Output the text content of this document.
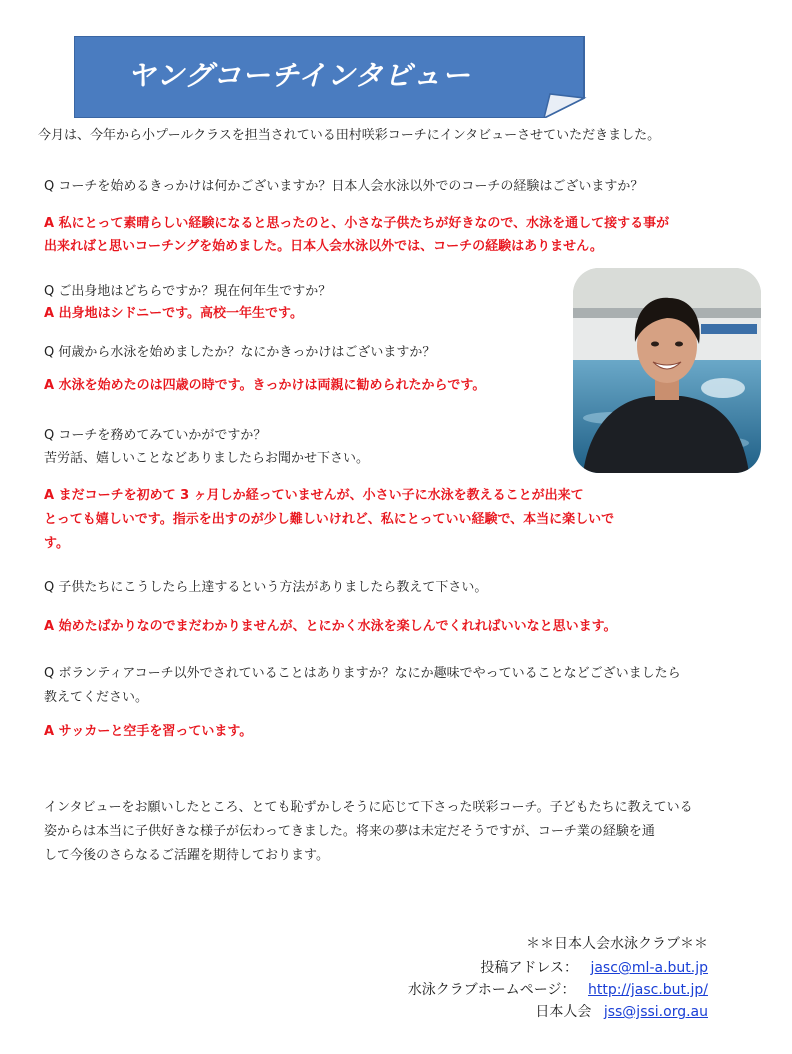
ヤングコーチインタビュー
今月は、今年から小プールクラスを担当されている田村咲彩コーチにインタビューさせていただきました。
Q コーチを始めるきっかけは何かございますか？日本人会水泳以外でのコーチの経験はございますか？
A 私にとって素晴らしい経験になると思ったのと、小さな子供たちが好きなので、水泳を通して接する事が
出来ればと思いコーチングを始めました。日本人会水泳以外では、コーチの経験はありません。
Q ご出身地はどちらですか？現在何年生ですか？
A 出身地はシドニーです。高校一年生です。
Q 何歳から水泳を始めましたか？なにかきっかけはございますか？
A 水泳を始めたのは四歳の時です。きっかけは両親に勧められたからです。
Q コーチを務めてみていかがですか？
苦労話、嬉しいことなどありましたらお聞かせ下さい。
A まだコーチを初めて 3 ヶ月しか経っていませんが、小さい子に水泳を教えることが出来て
とっても嬉しいです。指示を出すのが少し難しいけれど、私にとっていい経験で、本当に楽しいで
す。
Q 子供たちにこうしたら上達するという方法がありましたら教えて下さい。
A 始めたばかりなのでまだわかりませんが、とにかく水泳を楽しんでくれればいいなと思います。
Q ボランティアコーチ以外でされていることはありますか？なにか趣味でやっていることなどございましたら
教えてください。
A サッカーと空手を習っています。
インタビューをお願いしたところ、とても恥ずかしそうに応じて下さった咲彩コーチ。子どもたちに教えている
姿からは本当に子供好きな様子が伝わってきました。将来の夢は未定だそうですが、コーチ業の経験を通
して今後のさらなるご活躍を期待しております。
＊＊日本人会水泳クラブ＊＊
投稿アドレス： jasc@ml-a.but.jp
水泳クラブホームページ： http://jasc.but.jp/
日本人会 jss@jssi.org.au
